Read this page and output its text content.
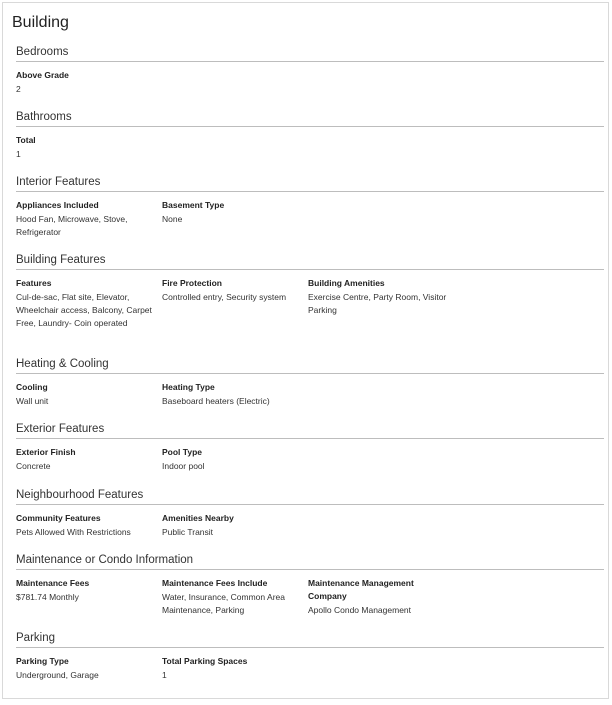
Building
Bedrooms
Above Grade
2
Bathrooms
Total
1
Interior Features
Appliances Included
Hood Fan, Microwave, Stove, Refrigerator
Basement Type
None
Building Features
Features
Cul-de-sac, Flat site, Elevator, Wheelchair access, Balcony, Carpet Free, Laundry- Coin operated
Fire Protection
Controlled entry, Security system
Building Amenities
Exercise Centre, Party Room, Visitor Parking
Heating & Cooling
Cooling
Wall unit
Heating Type
Baseboard heaters (Electric)
Exterior Features
Exterior Finish
Concrete
Pool Type
Indoor pool
Neighbourhood Features
Community Features
Pets Allowed With Restrictions
Amenities Nearby
Public Transit
Maintenance or Condo Information
Maintenance Fees
$781.74 Monthly
Maintenance Fees Include
Water, Insurance, Common Area Maintenance, Parking
Maintenance Management Company
Apollo Condo Management
Parking
Parking Type
Underground, Garage
Total Parking Spaces
1
